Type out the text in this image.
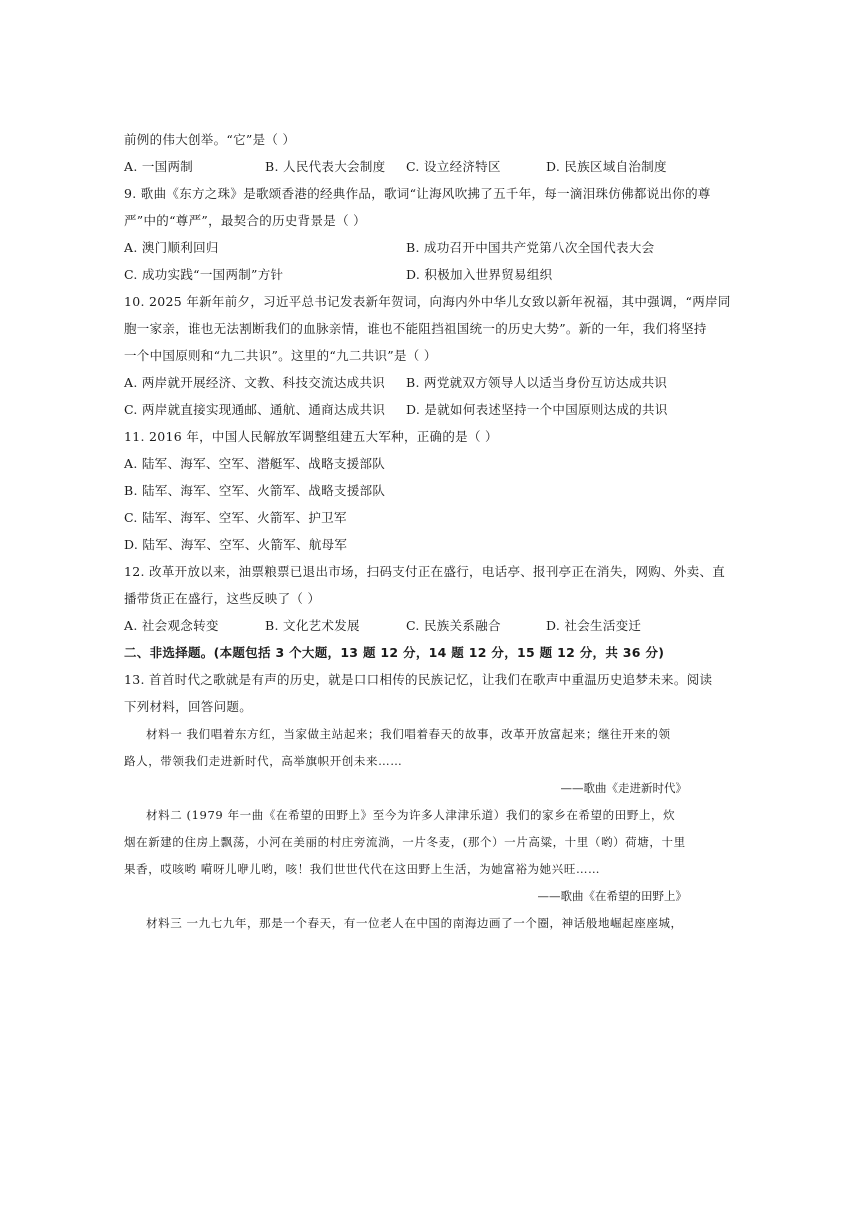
前例的伟大创举。“它”是（ ）
A. 一国两制	B. 人民代表大会制度 C. 设立经济特区	D. 民族区域自治制度
9. 歌曲《东方之珠》是歌颂香港的经典作品，歌词“让海风吹拂了五千年，每一滴泪珠仿佛都说出你的尊
严”中的“尊严”，最契合的历史背景是（ ）
A. 澳门顺利回归	B. 成功召开中国共产党第八次全国代表大会
C. 成功实践“一国两制”方针	D. 积极加入世界贸易组织
10. 2025 年新年前夕，习近平总书记发表新年贺词，向海内外中华儿女致以新年祝福，其中强调，“两岸同
胞一家亲，谁也无法割断我们的血脉亲情，谁也不能阻挡祖国统一的历史大势”。新的一年，我们将坚持
一个中国原则和“九二共识”。这里的“九二共识”是（ ）
A. 两岸就开展经济、文教、科技交流达成共识 B. 两党就双方领导人以适当身份互访达成共识
C. 两岸就直接实现通邮、通航、通商达成共识 D. 是就如何表述坚持一个中国原则达成的共识
11. 2016 年，中国人民解放军调整组建五大军种，正确的是（ ）
A. 陆军、海军、空军、潜艇军、战略支援部队
B. 陆军、海军、空军、火箭军、战略支援部队
C. 陆军、海军、空军、火箭军、护卫军
D. 陆军、海军、空军、火箭军、航母军
12. 改革开放以来，油票粮票已退出市场，扫码支付正在盛行，电话亭、报刊亭正在消失，网购、外卖、直
播带货正在盛行，这些反映了（ ）
A. 社会观念转变	B. 文化艺术发展	C. 民族关系融合	D. 社会生活变迁
二、非选择题。(本题包括 3 个大题，13 题 12 分，14 题 12 分，15 题 12 分，共 36 分)
13. 首首时代之歌就是有声的历史，就是口口相传的民族记忆，让我们在歌声中重温历史追梦未来。阅读
下列材料，回答问题。
材料一 我们唱着东方红，当家做主站起来；我们唱着春天的故事，改革开放富起来；继往开来的领
路人，带领我们走进新时代，高举旗帜开创未来……
——歌曲《走进新时代》
材料二 (1979 年一曲《在希望的田野上》至今为许多人津津乐道）我们的家乡在希望的田野上，炊
烟在新建的住房上飘荡，小河在美丽的村庄旁流淌，一片冬麦，(那个）一片高粱，十里（哟）荷塘，十里
果香，哎咳哟 嗬呀儿咿儿哟，咳！我们世世代代在这田野上生活，为她富裕为她兴旺……
——歌曲《在希望的田野上》
材料三 一九七九年，那是一个春天，有一位老人在中国的南海边画了一个圈，神话般地崛起座座城，
